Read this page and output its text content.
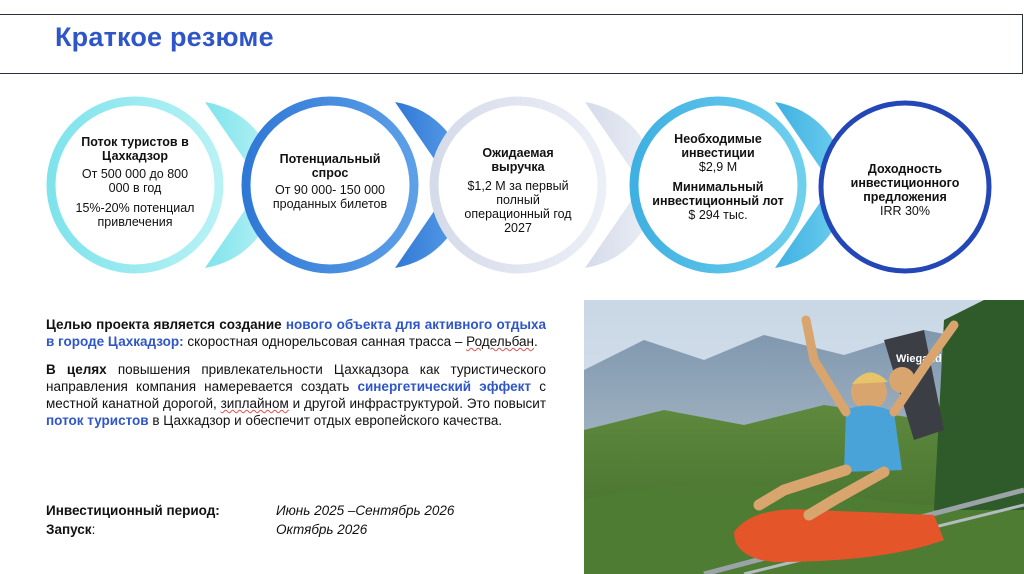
Краткое резюме
Поток туристов в Цахкадзор
От 500 000 до 800 000 в год
15%-20% потенциал привлечения
Потенциальный спрос
От 90 000- 150 000 проданных билетов
Ожидаемая выручка
$1,2 М за первый полный операционный год 2027
Необходимые инвестиции
$2,9 М
Минимальный инвестиционный лот
$ 294 тыс.
Доходность инвестиционного предложения
IRR 30%

Целью проекта является создание нового объекта для активного отдыха в городе Цахкадзор: скоростная однорельсовая санная трасса – Родельбан.

В целях повышения привлекательности Цахкадзора как туристического направления компания намеревается создать синергетический эффект с местной канатной дорогой, зиплайном и другой инфраструктурой. Это повысит поток туристов в Цахкадзор и обеспечит отдых европейского качества.

Инвестиционный период:	Июнь 2025 –Сентябрь 2026
Запуск:	Октябрь 2026
Wiegand
